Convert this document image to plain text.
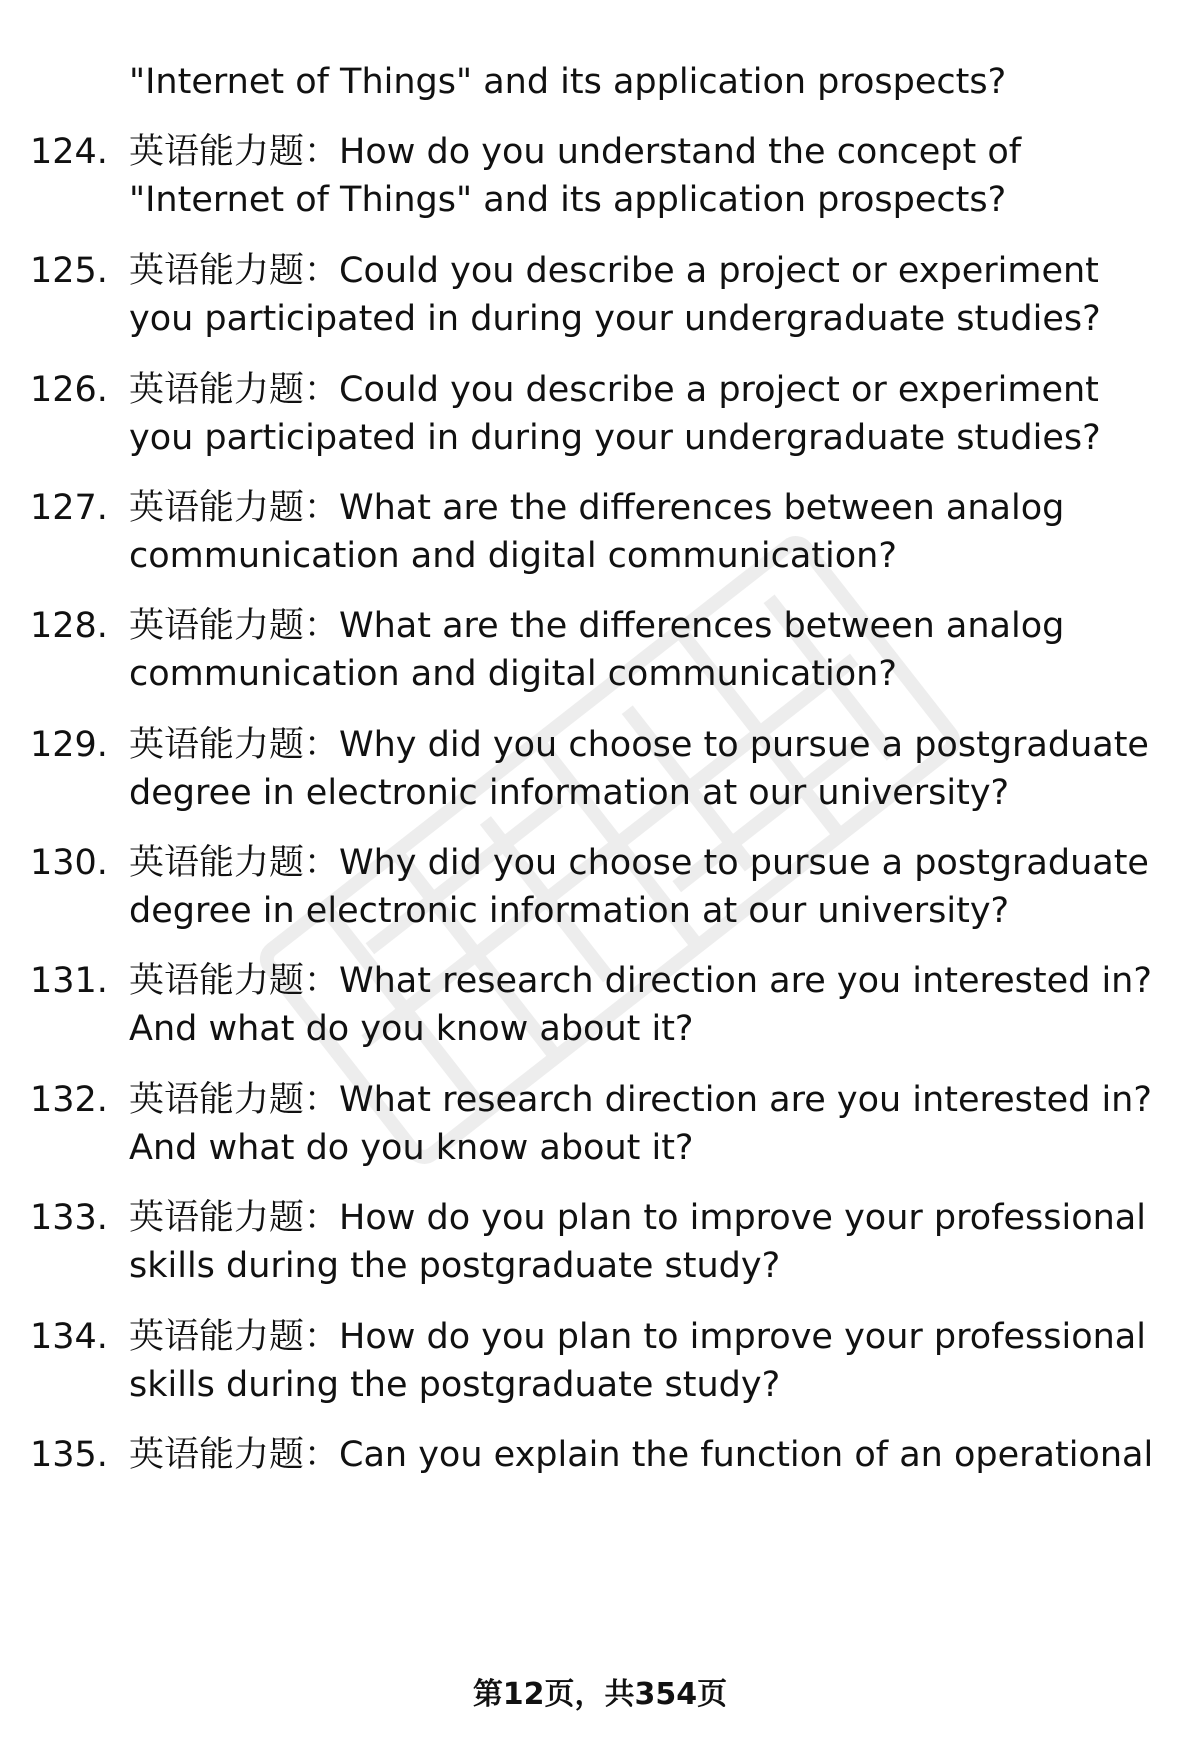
"Internet of Things" and its application prospects?
124. 英语能力题：How do you understand the concept of
"Internet of Things" and its application prospects?
125. 英语能力题：Could you describe a project or experiment
you participated in during your undergraduate studies?
126. 英语能力题：Could you describe a project or experiment
you participated in during your undergraduate studies?
127. 英语能力题：What are the differences between analog
communication and digital communication?
128. 英语能力题：What are the differences between analog
communication and digital communication?
129. 英语能力题：Why did you choose to pursue a postgraduate
degree in electronic information at our university?
130. 英语能力题：Why did you choose to pursue a postgraduate
degree in electronic information at our university?
131. 英语能力题：What research direction are you interested in?
And what do you know about it?
132. 英语能力题：What research direction are you interested in?
And what do you know about it?
133. 英语能力题：How do you plan to improve your professional
skills during the postgraduate study?
134. 英语能力题：How do you plan to improve your professional
skills during the postgraduate study?
135. 英语能力题：Can you explain the function of an operational
第12页，共354页
